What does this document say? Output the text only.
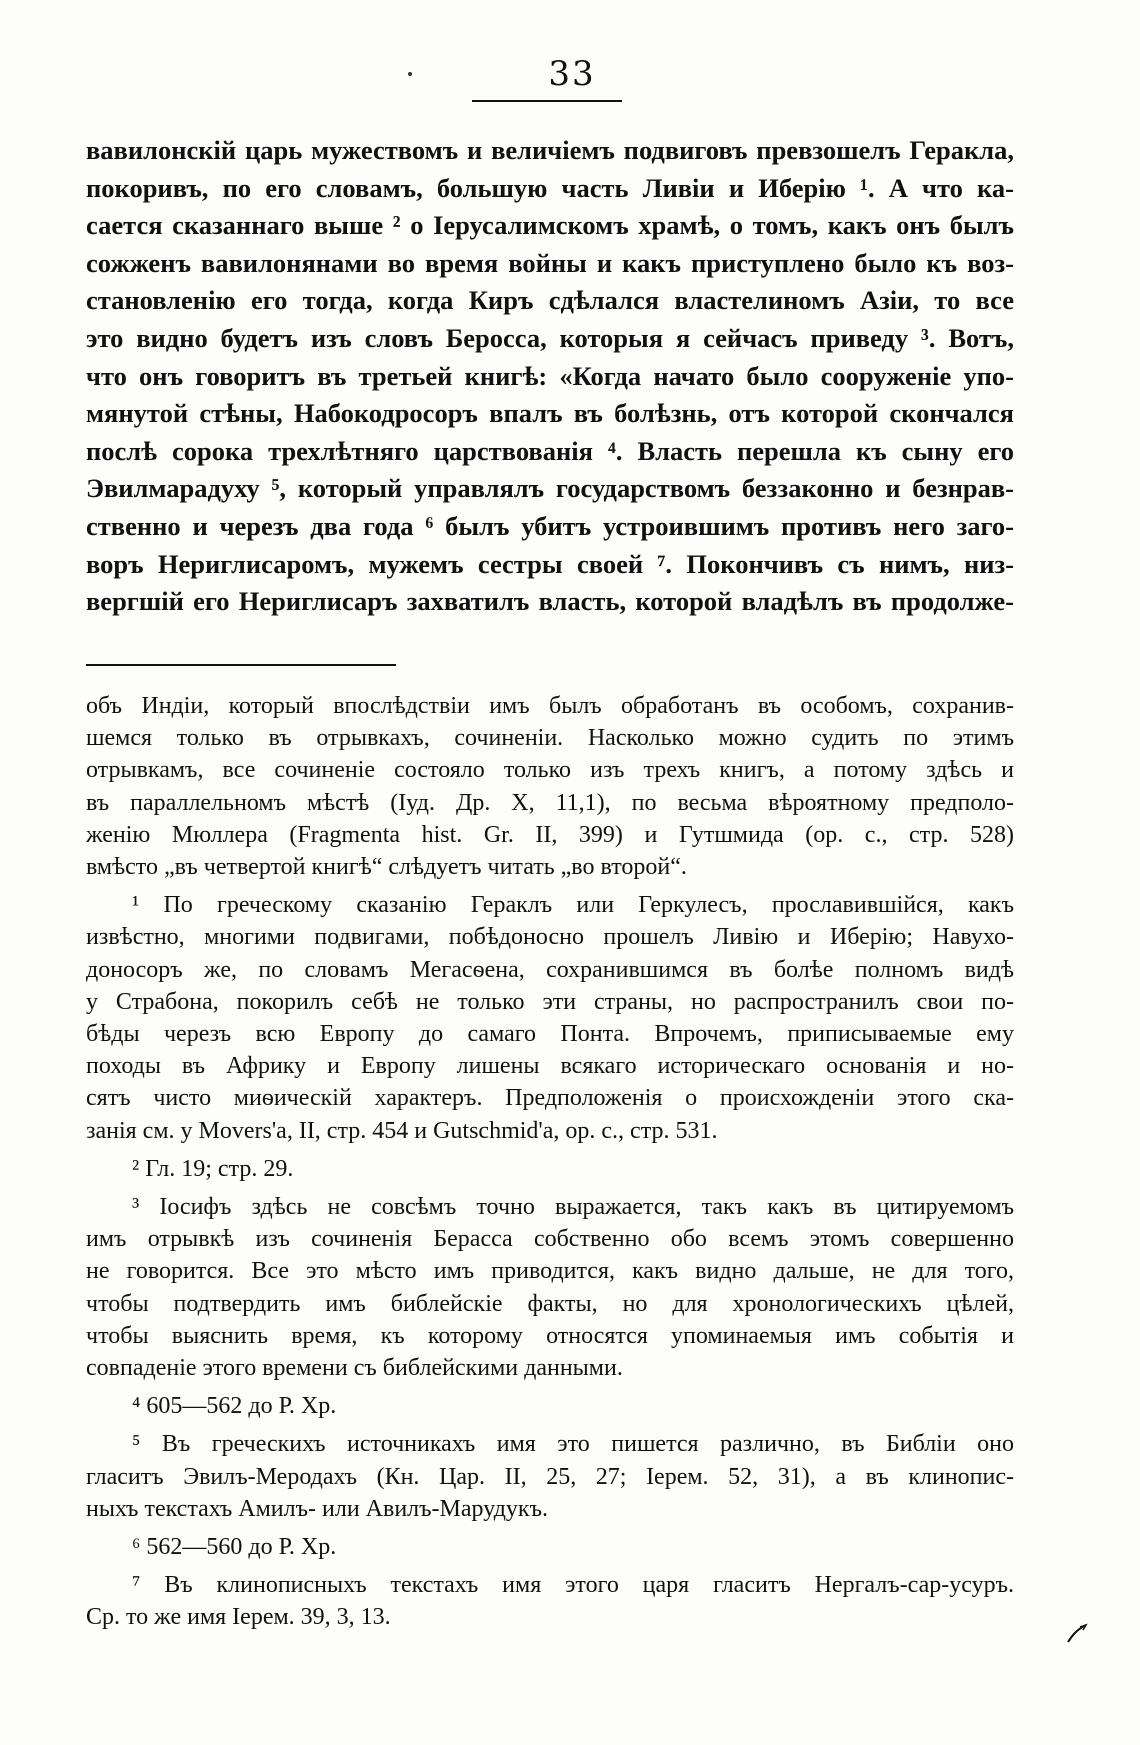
33
вавилонскій царь мужествомъ и величіемъ подвиговъ превзошелъ Геракла,
покоривъ, по его словамъ, большую часть Ливіи и Иберію ¹. А что ка-
сается сказаннаго выше ² о Іерусалимскомъ храмѣ, о томъ, какъ онъ былъ
сожженъ вавилонянами во время войны и какъ приступлено было къ воз-
становленію его тогда, когда Киръ сдѣлался властелиномъ Азіи, то все
это видно будетъ изъ словъ Беросса, которыя я сейчасъ приведу ³. Вотъ,
что онъ говоритъ въ третьей книгѣ: «Когда начато было сооруженіе упо-
мянутой стѣны, Набокодросоръ впалъ въ болѣзнь, отъ которой скончался
послѣ сорока трехлѣтняго царствованія ⁴. Власть перешла къ сыну его
Эвилмарадуху ⁵, который управлялъ государствомъ беззаконно и безнрав-
ственно и черезъ два года ⁶ былъ убитъ устроившимъ противъ него заго-
воръ Нериглисаромъ, мужемъ сестры своей ⁷. Покончивъ съ нимъ, низ-
вергшій его Нериглисаръ захватилъ власть, которой владѣлъ въ продолже-
объ Индіи, который впослѣдствіи имъ былъ обработанъ въ особомъ, сохранив-
шемся только въ отрывкахъ, сочиненіи. Насколько можно судить по этимъ
отрывкамъ, все сочиненіе состояло только изъ трехъ книгъ, а потому здѣсь и
въ параллельномъ мѣстѣ (Іуд. Др. X, 11,1), по весьма вѣроятному предполо-
женію Мюллера (Fragmenta hist. Gr. II, 399) и Гутшмида (op. c., стр. 528)
вмѣсто „въ четвертой книгѣ“ слѣдуетъ читать „во второй“.
¹ По греческому сказанію Гераклъ или Геркулесъ, прославившійся, какъ
извѣстно, многими подвигами, побѣдоносно прошелъ Ливію и Иберію; Навухо-
доносоръ же, по словамъ Мегасѳена, сохранившимся въ болѣе полномъ видѣ
у Страбона, покорилъ себѣ не только эти страны, но распространилъ свои по-
бѣды черезъ всю Европу до самаго Понта. Впрочемъ, приписываемые ему
походы въ Африку и Европу лишены всякаго историческаго основанія и но-
сятъ чисто миѳическій характеръ. Предположенія о происхожденіи этого ска-
занія см. у Movers'а, II, стр. 454 и Gutschmid'а, op. c., стр. 531.
² Гл. 19; стр. 29.
³ Іосифъ здѣсь не совсѣмъ точно выражается, такъ какъ въ цитируемомъ
имъ отрывкѣ изъ сочиненія Берасса собственно обо всемъ этомъ совершенно
не говорится. Все это мѣсто имъ приводится, какъ видно дальше, не для того,
чтобы подтвердить имъ библейскіе факты, но для хронологическихъ цѣлей,
чтобы выяснить время, къ которому относятся упоминаемыя имъ событія и
совпаденіе этого времени съ библейскими данными.
⁴ 605—562 до Р. Хр.
⁵ Въ греческихъ источникахъ имя это пишется различно, въ Библіи оно
гласитъ Эвилъ-Меродахъ (Кн. Цар. II, 25, 27; Іерем. 52, 31), а въ клинопис-
ныхъ текстахъ Амилъ- или Авилъ-Марудукъ.
⁶ 562—560 до Р. Хр.
⁷ Въ клинописныхъ текстахъ имя этого царя гласитъ Нергалъ-сар-усуръ.
Ср. то же имя Іерем. 39, 3, 13.
